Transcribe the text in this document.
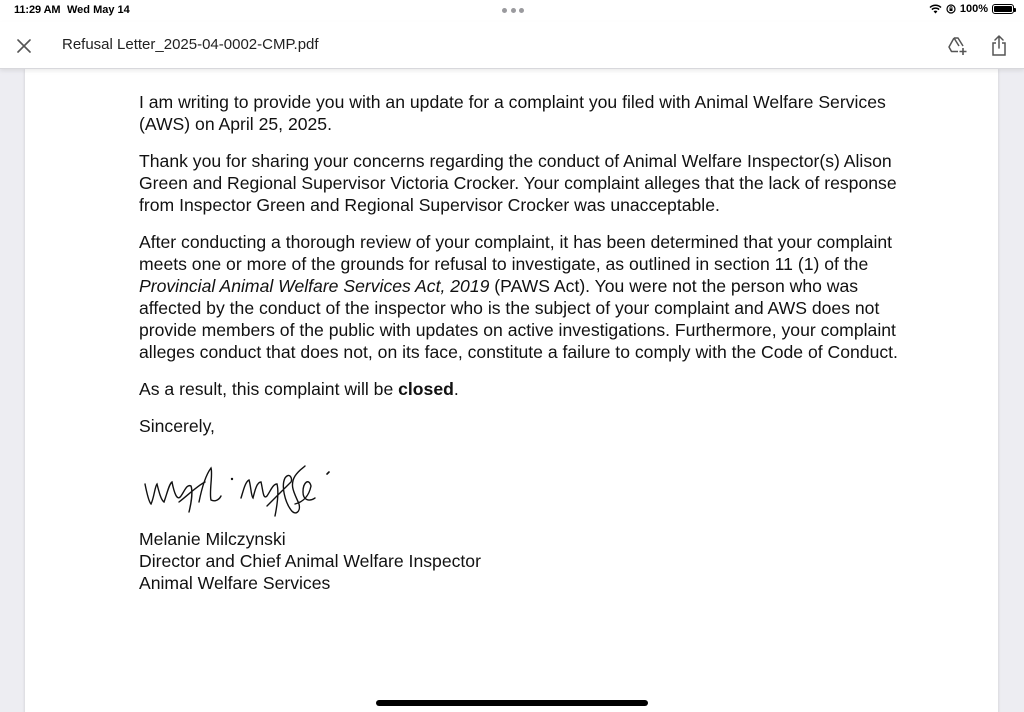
11:29 AM Wed May 14	100%
Refusal Letter_2025-04-0002-CMP.pdf

I am writing to provide you with an update for a complaint you filed with Animal Welfare Services (AWS) on April 25, 2025.

Thank you for sharing your concerns regarding the conduct of Animal Welfare Inspector(s) Alison Green and Regional Supervisor Victoria Crocker. Your complaint alleges that the lack of response from Inspector Green and Regional Supervisor Crocker was unacceptable.

After conducting a thorough review of your complaint, it has been determined that your complaint meets one or more of the grounds for refusal to investigate, as outlined in section 11 (1) of the Provincial Animal Welfare Services Act, 2019 (PAWS Act). You were not the person who was affected by the conduct of the inspector who is the subject of your complaint and AWS does not provide members of the public with updates on active investigations. Furthermore, your complaint alleges conduct that does not, on its face, constitute a failure to comply with the Code of Conduct.

As a result, this complaint will be closed.

Sincerely,

Melanie Milczynski
Director and Chief Animal Welfare Inspector
Animal Welfare Services
